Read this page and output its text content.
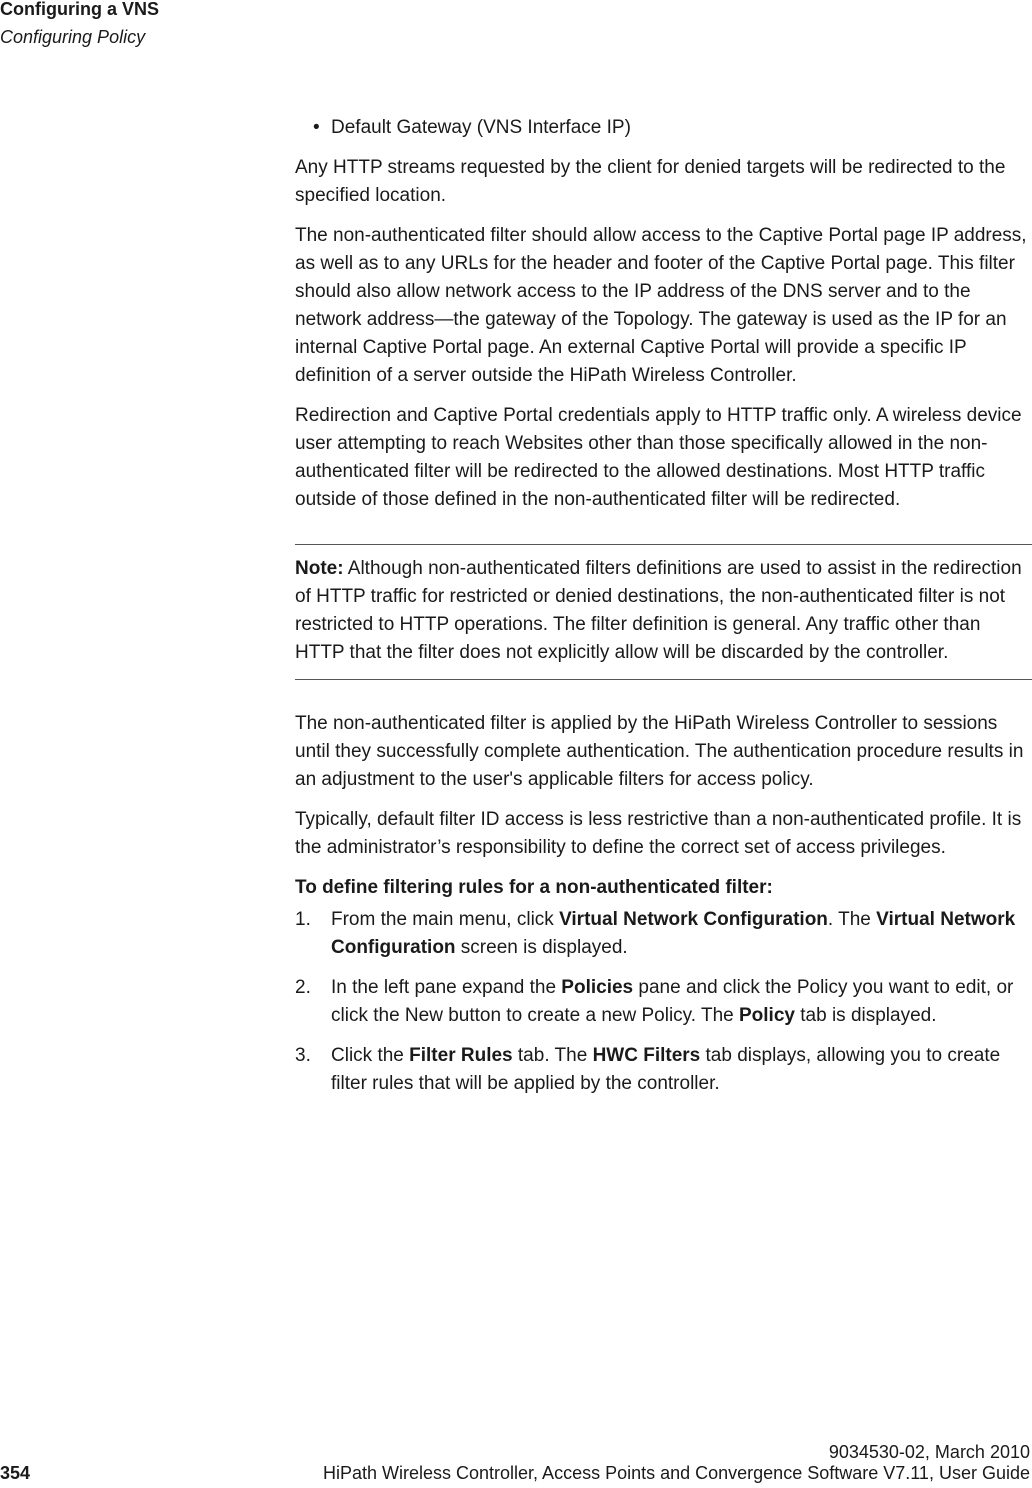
Configuring a VNS
Configuring Policy
• Default Gateway (VNS Interface IP)

Any HTTP streams requested by the client for denied targets will be redirected to the specified location.

The non-authenticated filter should allow access to the Captive Portal page IP address, as well as to any URLs for the header and footer of the Captive Portal page. This filter should also allow network access to the IP address of the DNS server and to the network address—the gateway of the Topology. The gateway is used as the IP for an internal Captive Portal page. An external Captive Portal will provide a specific IP definition of a server outside the HiPath Wireless Controller.

Redirection and Captive Portal credentials apply to HTTP traffic only. A wireless device user attempting to reach Websites other than those specifically allowed in the non-authenticated filter will be redirected to the allowed destinations. Most HTTP traffic outside of those defined in the non-authenticated filter will be redirected.

Note: Although non-authenticated filters definitions are used to assist in the redirection of HTTP traffic for restricted or denied destinations, the non-authenticated filter is not restricted to HTTP operations. The filter definition is general. Any traffic other than HTTP that the filter does not explicitly allow will be discarded by the controller.

The non-authenticated filter is applied by the HiPath Wireless Controller to sessions until they successfully complete authentication. The authentication procedure results in an adjustment to the user's applicable filters for access policy.

Typically, default filter ID access is less restrictive than a non-authenticated profile. It is the administrator’s responsibility to define the correct set of access privileges.

To define filtering rules for a non-authenticated filter:
1. From the main menu, click Virtual Network Configuration. The Virtual Network Configuration screen is displayed.
2. In the left pane expand the Policies pane and click the Policy you want to edit, or click the New button to create a new Policy. The Policy tab is displayed.
3. Click the Filter Rules tab. The HWC Filters tab displays, allowing you to create filter rules that will be applied by the controller.
9034530-02, March 2010
HiPath Wireless Controller, Access Points and Convergence Software V7.11, User Guide
354
